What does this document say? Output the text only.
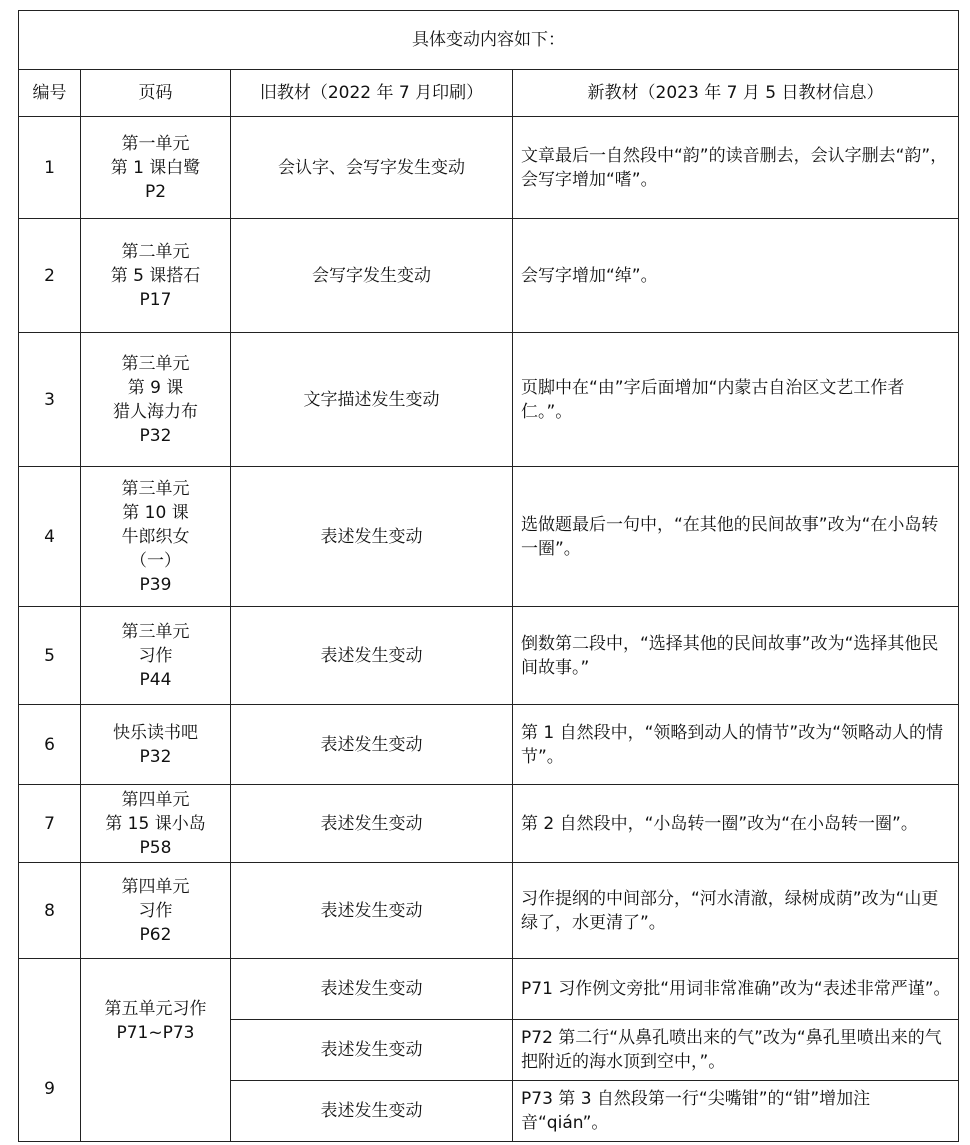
具体变动内容如下：			
编号	页码	旧教材（2022 年 7 月印刷）	新教材（2023 年 7 月 5 日教材信息）
1	第一单元
第 1 课白鹭
P2	会认字、会写字发生变动	文章最后一自然段中“韵”的读音删去，会认字删去“韵”，会写字增加“嗜”。
2	第二单元
第 5 课搭石
P17	会写字发生变动	会写字增加“绰”。
3	第三单元
第 9 课
猎人海力布
P32	文字描述发生变动	页脚中在“由”字后面增加“内蒙古自治区文艺工作者仁。”。
4	第三单元
第 10 课
牛郎织女
（一）
P39	表述发生变动	选做题最后一句中，“在其他的民间故事”改为“在小岛转一圈”。
5	第三单元
习作
P44	表述发生变动	倒数第二段中，“选择其他的民间故事”改为“选择其他民间故事。”
6	快乐读书吧
P32	表述发生变动	第 1 自然段中，“领略到动人的情节”改为“领略动人的情节”。
7	第四单元
第 15 课小岛
P58	表述发生变动	第 2 自然段中，“小岛转一圈”改为“在小岛转一圈”。
8	第四单元
习作
P62	表述发生变动	习作提纲的中间部分，“河水清澈，绿树成荫”改为“山更绿了，水更清了”。
9	第五单元习作
P71~P73	表述发生变动	P71 习作例文旁批“用词非常准确”改为“表述非常严谨”。
		表述发生变动	P72 第二行“从鼻孔喷出来的气”改为“鼻孔里喷出来的气把附近的海水顶到空中，”。
		表述发生变动	P73 第 3 自然段第一行“尖嘴钳”的“钳”增加注音“qián”。
